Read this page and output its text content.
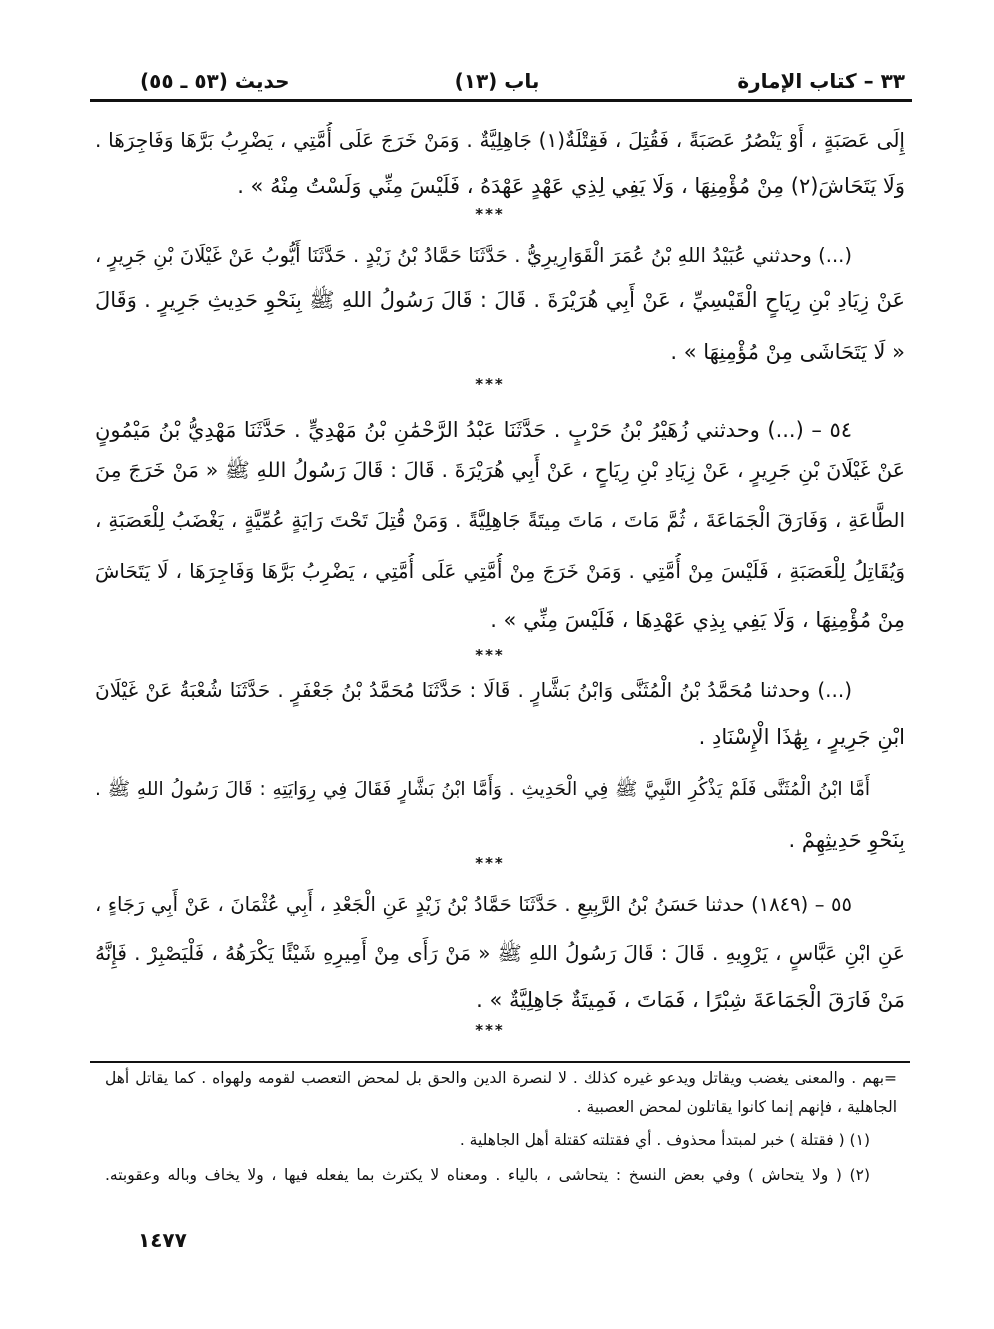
٣٣ – كتاب الإمارة
باب (١٣)
حديث (٥٣ ـ ٥٥)
إِلَى عَصَبَةٍ ، أَوْ يَنْصُرُ عَصَبَةً ، فَقُتِلَ ، فَقِتْلَةٌ(١) جَاهِلِيَّةٌ . وَمَنْ خَرَجَ عَلَى أُمَّتِي ، يَضْرِبُ بَرَّهَا وَفَاجِرَهَا .
وَلَا يَتَحَاشَ(٢) مِنْ مُؤْمِنِهَا ، وَلَا يَفِي لِذِي عَهْدٍ عَهْدَهُ ، فَلَيْسَ مِنِّي وَلَسْتُ مِنْهُ » .
***
(...) وحدثني عُبَيْدُ اللهِ بْنُ عُمَرَ الْقَوَارِيرِيُّ . حَدَّثَنَا حَمَّادُ بْنُ زَيْدٍ . حَدَّثَنَا أَيُّوبُ عَنْ غَيْلَانَ بْنِ جَرِيرٍ ،
عَنْ زِيَادِ بْنِ رِيَاحٍ الْقَيْسِيِّ ، عَنْ أَبِي هُرَيْرَةَ . قَالَ : قَالَ رَسُولُ اللهِ ﷺ بِنَحْوِ حَدِيثِ جَرِيرٍ . وَقَالَ
« لَا يَتَحَاشَى مِنْ مُؤْمِنِهَا » .
***
٥٤ – (...) وحدثني زُهَيْرُ بْنُ حَرْبٍ . حَدَّثَنَا عَبْدُ الرَّحْمَٰنِ بْنُ مَهْدِيٍّ . حَدَّثَنَا مَهْدِيُّ بْنُ مَيْمُونٍ
عَنْ غَيْلَانَ بْنِ جَرِيرٍ ، عَنْ زِيَادِ بْنِ رِيَاحٍ ، عَنْ أَبِي هُرَيْرَةَ . قَالَ : قَالَ رَسُولُ اللهِ ﷺ « مَنْ خَرَجَ مِنَ
الطَّاعَةِ ، وَفَارَقَ الْجَمَاعَةَ ، ثُمَّ مَاتَ ، مَاتَ مِيتَةً جَاهِلِيَّةً . وَمَنْ قُتِلَ تَحْتَ رَايَةٍ عُمِّيَّةٍ ، يَغْضَبُ لِلْعَصَبَةِ ،
وَيُقَاتِلُ لِلْعَصَبَةِ ، فَلَيْسَ مِنْ أُمَّتِي . وَمَنْ خَرَجَ مِنْ أُمَّتِي عَلَى أُمَّتِي ، يَضْرِبُ بَرَّهَا وَفَاجِرَهَا ، لَا يَتَحَاشَ
مِنْ مُؤْمِنِهَا ، وَلَا يَفِي بِذِي عَهْدِهَا ، فَلَيْسَ مِنِّي » .
***
(...) وحدثنا مُحَمَّدُ بْنُ الْمُثَنَّى وَابْنُ بَشَّارٍ . قَالَا : حَدَّثَنَا مُحَمَّدُ بْنُ جَعْفَرٍ . حَدَّثَنَا شُعْبَةُ عَنْ غَيْلَانَ
ابْنِ جَرِيرٍ ، بِهَٰذَا الْإِسْنَادِ .
أَمَّا ابْنُ الْمُثَنَّى فَلَمْ يَذْكُرِ النَّبِيَّ ﷺ فِي الْحَدِيثِ . وَأَمَّا ابْنُ بَشَّارٍ فَقَالَ فِي رِوَايَتِهِ : قَالَ رَسُولُ اللهِ ﷺ .
بِنَحْوِ حَدِيثِهِمْ .
***
٥٥ – (١٨٤٩) حدثنا حَسَنُ بْنُ الرَّبِيعِ . حَدَّثَنَا حَمَّادُ بْنُ زَيْدٍ عَنِ الْجَعْدِ ، أَبِي عُثْمَانَ ، عَنْ أَبِي رَجَاءٍ ،
عَنِ ابْنِ عَبَّاسٍ ، يَرْوِيهِ . قَالَ : قَالَ رَسُولُ اللهِ ﷺ « مَنْ رَأَى مِنْ أَمِيرِهِ شَيْئًا يَكْرَهُهُ ، فَلْيَصْبِرْ . فَإِنَّهُ
مَنْ فَارَقَ الْجَمَاعَةَ شِبْرًا ، فَمَاتَ ، فَمِيتَةٌ جَاهِلِيَّةٌ » .
***
=بهم . والمعنى يغضب ويقاتل ويدعو غيره كذلك . لا لنصرة الدين والحق بل لمحض التعصب لقومه ولهواه . كما يقاتل أهل
الجاهلية ، فإنهم إنما كانوا يقاتلون لمحض العصبية .
(١) ( فقتلة ) خبر لمبتدأ محذوف . أي فقتلته كقتلة أهل الجاهلية .
(٢) ( ولا يتحاش ) وفي بعض النسخ : يتحاشى ، بالياء . ومعناه لا يكترث بما يفعله فيها ، ولا يخاف وباله وعقوبته.
١٤٧٧
